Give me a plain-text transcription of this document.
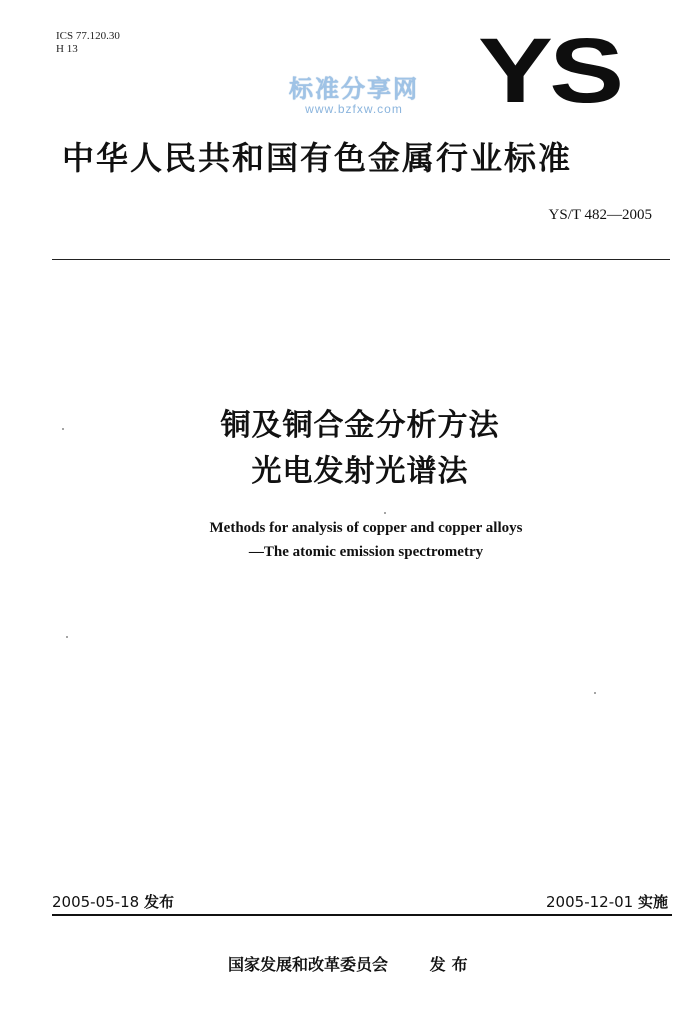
ICS 77.120.30
H 13	YS
标准分享网
www.bzfxw.com
中华人民共和国有色金属行业标准
YS/T 482—2005
铜及铜合金分析方法
光电发射光谱法
Methods for analysis of copper and copper alloys
—The atomic emission spectrometry
2005-05-18 发布	2005-12-01 实施
国家发展和改革委员会	发布
